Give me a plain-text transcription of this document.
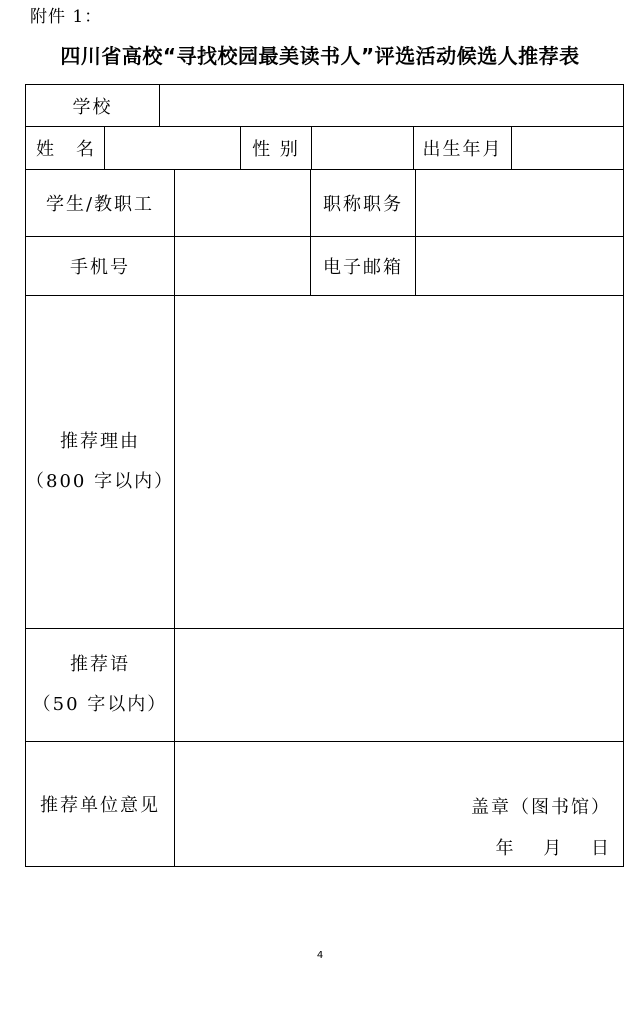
附件 1：
四川省高校“寻找校园最美读书人”评选活动候选人推荐表
学校
姓　名	性 别	出生年月
学生/教职工	职称职务
手机号	电子邮箱
推荐理由
（800 字以内）
推荐语
（50 字以内）
推荐单位意见	盖章（图书馆）
年　 月　 日
4
